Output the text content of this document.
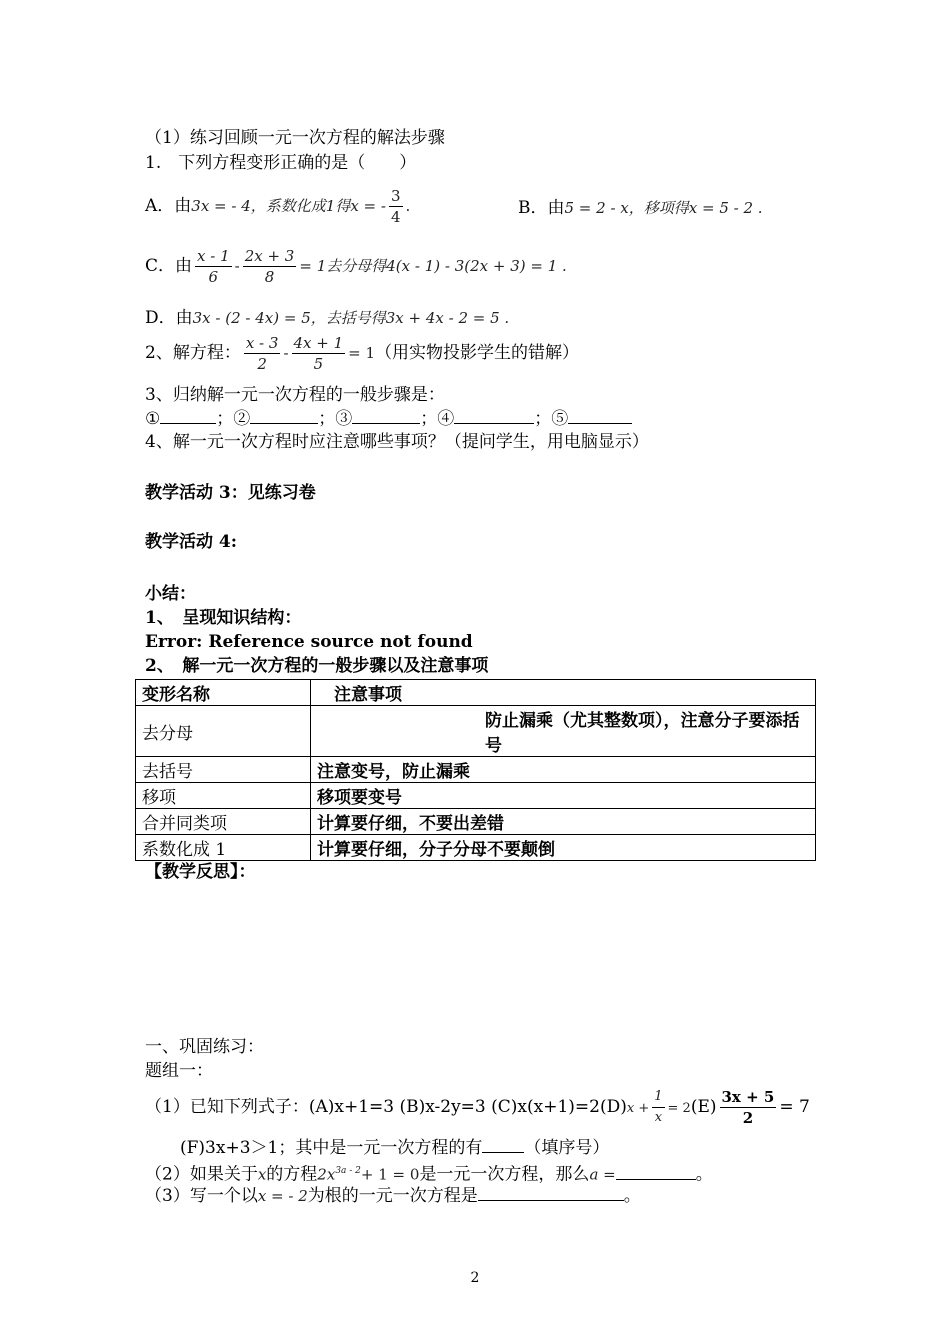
（1）练习回顾一元一次方程的解法步骤
1.　下列方程变形正确的是（　　）
A．由3x = - 4，系数化成1得x = - $\frac{3}{4}$ .	B．由5 = 2 - x，移项得x = 5 - 2 .
C．由 $\frac{x - 1}{6} - \frac{2x + 3}{8} = 1$去分母得4(x - 1) - 3(2x + 3) = 1 .
D．由3x - (2 - 4x) = 5，去括号得3x + 4x - 2 = 5 .
2、解方程： $\frac{x - 3}{2} - \frac{4x + 1}{5} = 1$（用实物投影学生的错解）
3、归纳解一元一次方程的一般步骤是：
①	；②	；③	；④	；⑤
4、解一元一次方程时应注意哪些事项？（提问学生，用电脑显示）
教学活动 3：见练习卷
教学活动 4:
小结：
1、　呈现知识结构：
Error: Reference source not found
2、　解一元一次方程的一般步骤以及注意事项
变形名称	　注意事项
去分母	防止漏乘（尤其整数项），注意分子要添括号
去括号	注意变号，防止漏乘
移项	移项要变号
合并同类项	计算要仔细，不要出差错
系数化成 1	计算要仔细，分子分母不要颠倒
【教学反思】：
一、巩固练习：
题组一：
（1）已知下列式子：(A)x+1=3 (B)x-2y=3 $(C)x(x+1)=2(D)x + \frac{1}{x} = 2(E) \frac{3x + 5}{2} = 7$
(F)3x+3＞1；其中是一元一次方程的有 （填序号）
（2）如果关于x的方程$2x^{3a - 2}+ 1 = 0$是一元一次方程，那么a =	。
（3）写一个以x = - 2为根的一元一次方程是	。
2
